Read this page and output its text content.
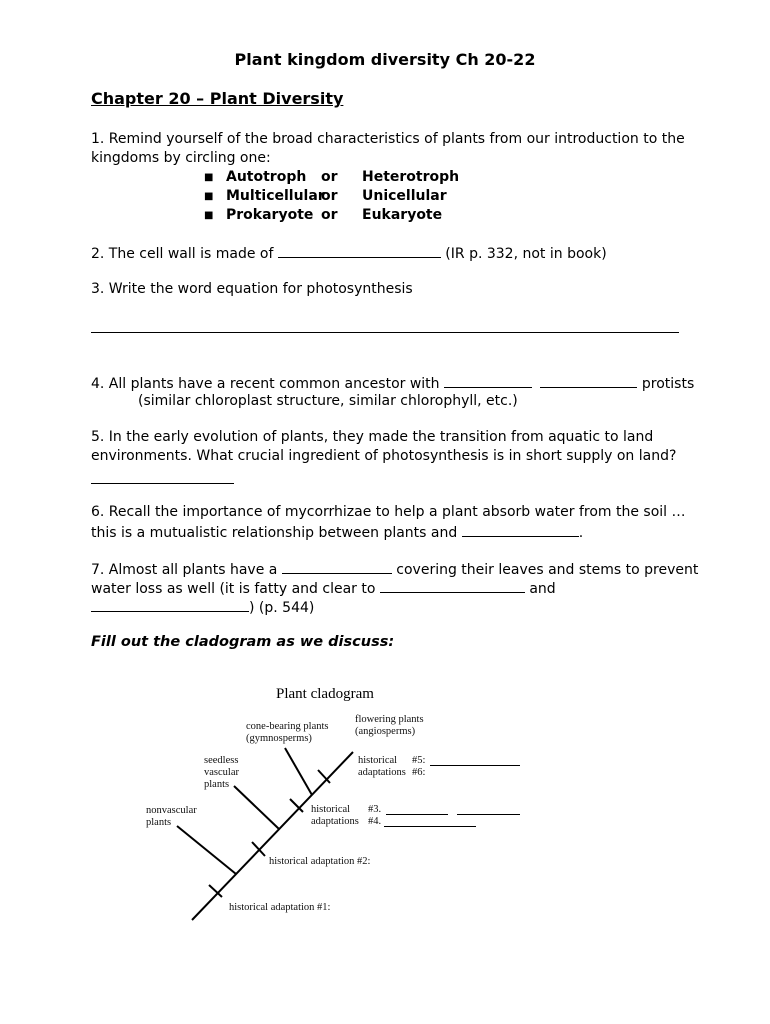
Plant kingdom diversity Ch 20-22
Chapter 20 – Plant Diversity
1. Remind yourself of the broad characteristics of plants from our introduction to the
kingdoms by circling one:
■ Autotroph or Heterotroph
■ Multicellular
or Unicellular
■ Prokaryote or Eukaryote
2. The cell wall is made of	(IR p. 332, not in book)
3. Write the word equation for photosynthesis
4. All plants have a recent common ancestor with	protists
(similar chloroplast structure, similar chlorophyll, etc.)
5. In the early evolution of plants, they made the transition from aquatic to land
environments. What crucial ingredient of photosynthesis is in short supply on land?
6. Recall the importance of mycorrhizae to help a plant absorb water from the soil …
this is a mutualistic relationship between plants and	.
7. Almost all plants have a	covering their leaves and stems to prevent
water loss as well (it is fatty and clear to	and
) (p. 544)
Fill out the cladogram as we discuss:
Plant cladogram
cone-bearing plants
(gymnosperms)
flowering plants
(angiosperms)
seedless
vascular
plants
nonvascular
plants
historical
adaptations
#5:
#6:
historical
adaptations
#3.
#4.
historical adaptation #2:
historical adaptation #1:
